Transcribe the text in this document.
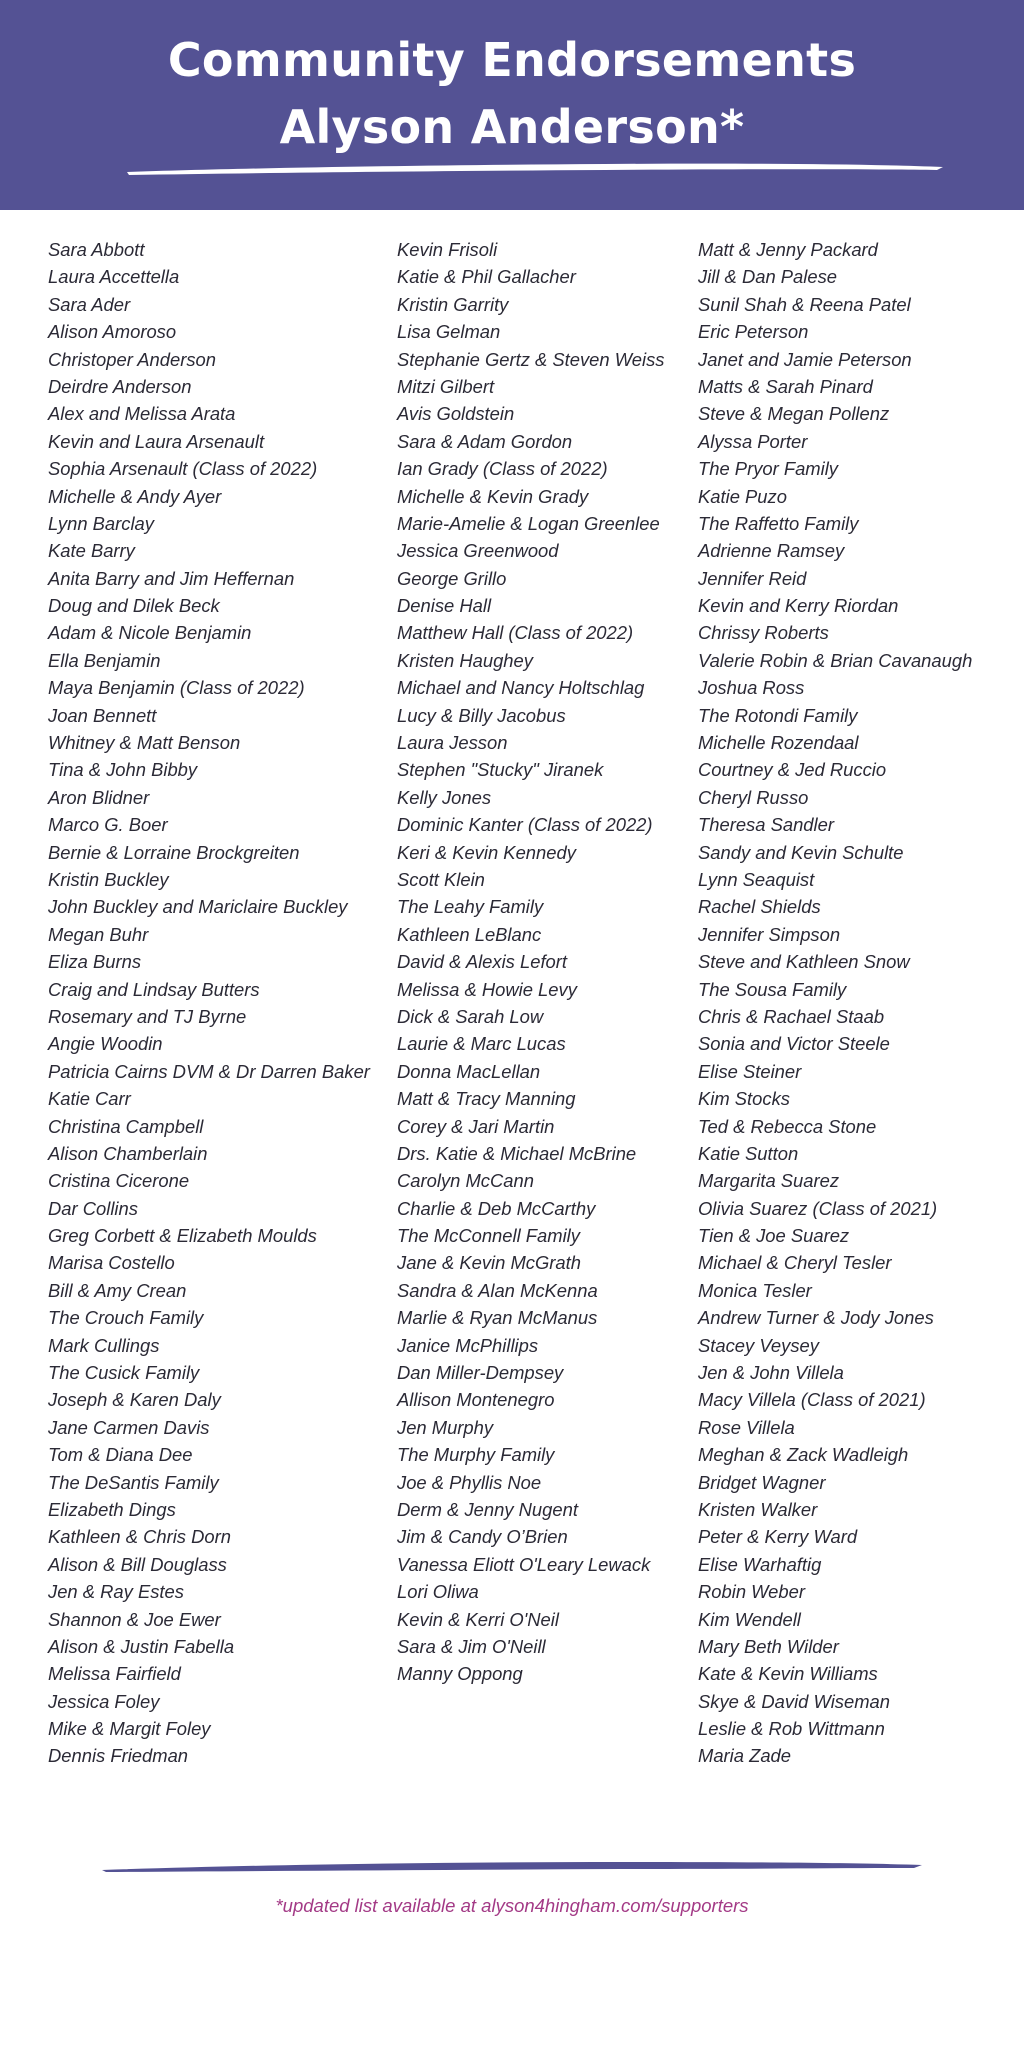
Community Endorsements
Alyson Anderson*
Sara Abbott
Laura Accettella
Sara Ader
Alison Amoroso
Christoper Anderson
Deirdre Anderson
Alex and Melissa Arata
Kevin and Laura Arsenault
Sophia Arsenault (Class of 2022)
Michelle & Andy Ayer
Lynn Barclay
Kate Barry
Anita Barry and Jim Heffernan
Doug and Dilek Beck
Adam & Nicole Benjamin
Ella Benjamin
Maya Benjamin (Class of 2022)
Joan Bennett
Whitney & Matt Benson
Tina & John Bibby
Aron Blidner
Marco G. Boer
Bernie & Lorraine Brockgreiten
Kristin Buckley
John Buckley and Mariclaire Buckley
Megan Buhr
Eliza Burns
Craig and Lindsay Butters
Rosemary and TJ Byrne
Angie Woodin
Patricia Cairns DVM & Dr Darren Baker
Katie Carr
Christina Campbell
Alison Chamberlain
Cristina Cicerone
Dar Collins
Greg Corbett & Elizabeth Moulds
Marisa Costello
Bill & Amy Crean
The Crouch Family
Mark Cullings
The Cusick Family
Joseph & Karen Daly
Jane Carmen Davis
Tom & Diana Dee
The DeSantis Family
Elizabeth Dings
Kathleen & Chris Dorn
Alison & Bill Douglass
Jen & Ray Estes
Shannon & Joe Ewer
Alison & Justin Fabella
Melissa Fairfield
Jessica Foley
Mike & Margit Foley
Dennis Friedman
Kevin Frisoli
Katie & Phil Gallacher
Kristin Garrity
Lisa Gelman
Stephanie Gertz & Steven Weiss
Mitzi Gilbert
Avis Goldstein
Sara & Adam Gordon
Ian Grady (Class of 2022)
Michelle & Kevin Grady
Marie-Amelie & Logan Greenlee
Jessica Greenwood
George Grillo
Denise Hall
Matthew Hall (Class of 2022)
Kristen Haughey
Michael and Nancy Holtschlag
Lucy & Billy Jacobus
Laura Jesson
Stephen "Stucky" Jiranek
Kelly Jones
Dominic Kanter (Class of 2022)
Keri & Kevin Kennedy
Scott Klein
The Leahy Family
Kathleen LeBlanc
David & Alexis Lefort
Melissa & Howie Levy
Dick & Sarah Low
Laurie & Marc Lucas
Donna MacLellan
Matt & Tracy Manning
Corey & Jari Martin
Drs. Katie & Michael McBrine
Carolyn McCann
Charlie & Deb McCarthy
The McConnell Family
Jane & Kevin McGrath
Sandra & Alan McKenna
Marlie & Ryan McManus
Janice McPhillips
Dan Miller-Dempsey
Allison Montenegro
Jen Murphy
The Murphy Family
Joe & Phyllis Noe
Derm & Jenny Nugent
Jim & Candy O’Brien
Vanessa Eliott O'Leary Lewack
Lori Oliwa
Kevin & Kerri O'Neil
Sara & Jim O'Neill
Manny Oppong
Matt & Jenny Packard
Jill & Dan Palese
Sunil Shah & Reena Patel
Eric Peterson
Janet and Jamie Peterson
Matts & Sarah Pinard
Steve & Megan Pollenz
Alyssa Porter
The Pryor Family
Katie Puzo
The Raffetto Family
Adrienne Ramsey
Jennifer Reid
Kevin and Kerry Riordan
Chrissy Roberts
Valerie Robin & Brian Cavanaugh
Joshua Ross
The Rotondi Family
Michelle Rozendaal
Courtney & Jed Ruccio
Cheryl Russo
Theresa Sandler
Sandy and Kevin Schulte
Lynn Seaquist
Rachel Shields
Jennifer Simpson
Steve and Kathleen Snow
The Sousa Family
Chris & Rachael Staab
Sonia and Victor Steele
Elise Steiner
Kim Stocks
Ted & Rebecca Stone
Katie Sutton
Margarita Suarez
Olivia Suarez (Class of 2021)
Tien & Joe Suarez
Michael & Cheryl Tesler
Monica Tesler
Andrew Turner & Jody Jones
Stacey Veysey
Jen & John Villela
Macy Villela (Class of 2021)
Rose Villela
Meghan & Zack Wadleigh
Bridget Wagner
Kristen Walker
Peter & Kerry Ward
Elise Warhaftig
Robin Weber
Kim Wendell
Mary Beth Wilder
Kate & Kevin Williams
Skye & David Wiseman
Leslie & Rob Wittmann
Maria Zade
*updated list available at alyson4hingham.com/supporters
